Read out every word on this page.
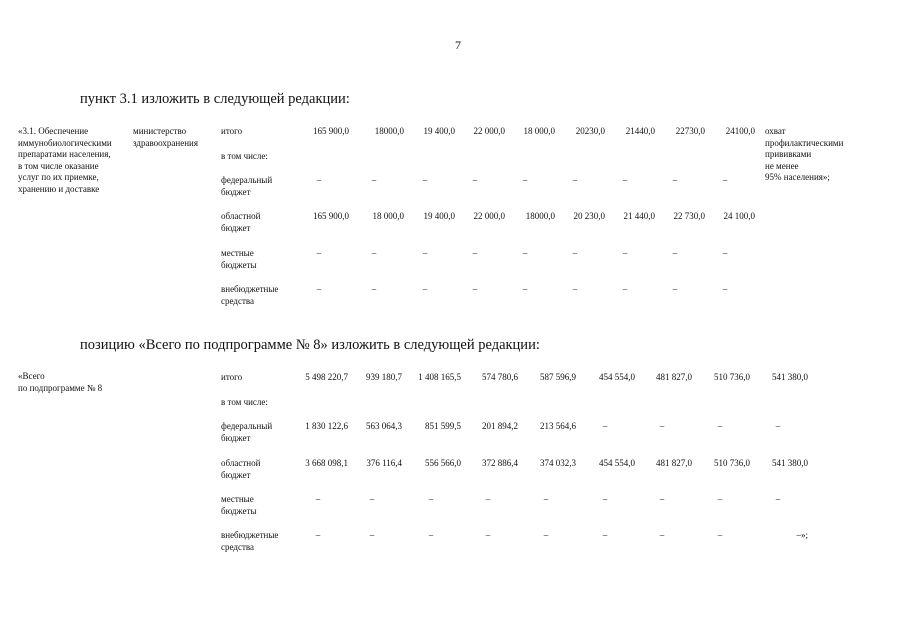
7
пункт 3.1 изложить в следующей редакции:
«3.1. Обеспечение
иммунобиологическими
препаратами населения,
в том числе оказание
услуг по их приемке,
хранению и доставке
министерство
здравоохранения
охват
профилактическими
прививками
не менее
95% населения»;
итого	165 900,0	18000,0	19 400,0	22 000,0	18 000,0	20230,0	21440,0	22730,0	24100,0
в том числе:
федеральный
бюджет
–	–	–	–	–	–	–	–	–
областной
бюджет
165 900,0	18 000,0	19 400,0	22 000,0	18000,0	20 230,0	21 440,0	22 730,0	24 100,0
местные
бюджеты
–	–	–	–	–	–	–	–	–
внебюджетные
средства
–	–	–	–	–	–	–	–	–
позицию «Всего по подпрограмме № 8» изложить в следующей редакции:
«Всего
по подпрограмме № 8
итого	5 498 220,7	939 180,7	1 408 165,5	574 780,6	587 596,9	454 554,0	481 827,0	510 736,0	541 380,0
в том числе:
федеральный
бюджет
1 830 122,6	563 064,3	851 599,5	201 894,2	213 564,6	–	–	–	–
областной
бюджет
3 668 098,1	376 116,4	556 566,0	372 886,4	374 032,3	454 554,0	481 827,0	510 736,0	541 380,0
местные
бюджеты
–	–	–	–	–	–	–	–	–
внебюджетные
средства
–	–	–	–	–	–	–	–	–»;
